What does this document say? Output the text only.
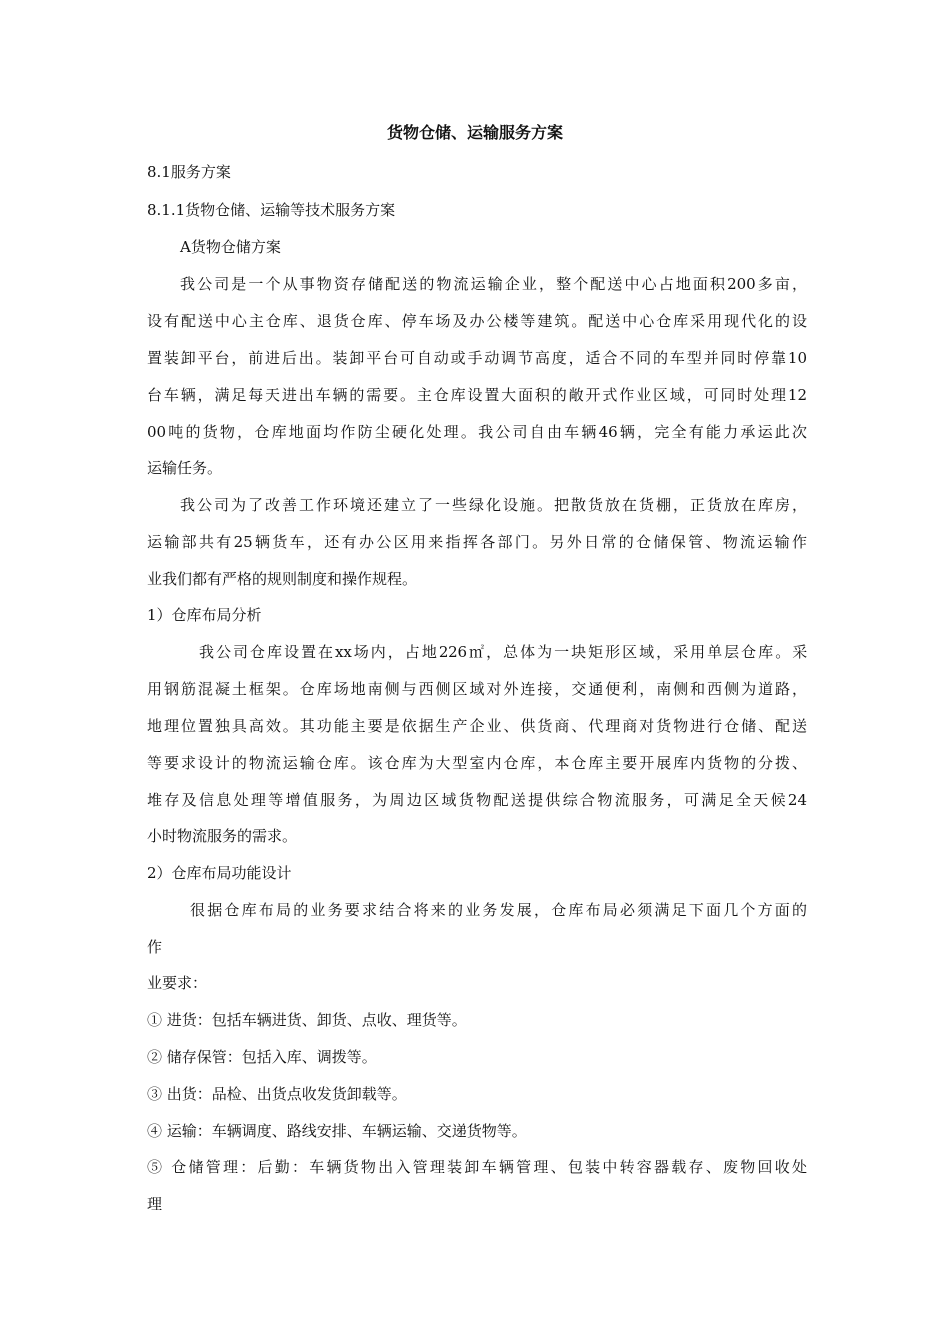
货物仓储、运输服务方案
8.1服务方案
8.1.1货物仓储、运输等技术服务方案
A货物仓储方案
我公司是一个从事物资存储配送的物流运输企业，整个配送中心占地面积200多亩，
设有配送中心主仓库、退货仓库、停车场及办公楼等建筑。配送中心仓库采用现代化的设
置装卸平台，前进后出。装卸平台可自动或手动调节高度，适合不同的车型并同时停靠10
台车辆，满足每天进出车辆的需要。主仓库设置大面积的敞开式作业区域，可同时处理12
00吨的货物，仓库地面均作防尘硬化处理。我公司自由车辆46辆，完全有能力承运此次
运输任务。
我公司为了改善工作环境还建立了一些绿化设施。把散货放在货棚，正货放在库房，
运输部共有25辆货车，还有办公区用来指挥各部门。另外日常的仓储保管、物流运输作
业我们都有严格的规则制度和操作规程。
1）仓库布局分析
我公司仓库设置在xx场内，占地226㎡，总体为一块矩形区域，采用单层仓库。采
用钢筋混凝土框架。仓库场地南侧与西侧区域对外连接，交通便利，南侧和西侧为道路，
地理位置独具高效。其功能主要是依据生产企业、供货商、代理商对货物进行仓储、配送
等要求设计的物流运输仓库。该仓库为大型室内仓库，本仓库主要开展库内货物的分拨、
堆存及信息处理等增值服务，为周边区域货物配送提供综合物流服务，可满足全天候24
小时物流服务的需求。
2）仓库布局功能设计
很据仓库布局的业务要求结合将来的业务发展，仓库布局必须满足下面几个方面的
作
业要求：
① 进货：包括车辆进货、卸货、点收、理货等。
② 储存保管：包括入库、调拨等。
③ 出货：品检、出货点收发货卸载等。
④ 运输：车辆调度、路线安排、车辆运输、交递货物等。
⑤ 仓储管理：后勤：车辆货物出入管理装卸车辆管理、包装中转容器载存、废物回收处
理
